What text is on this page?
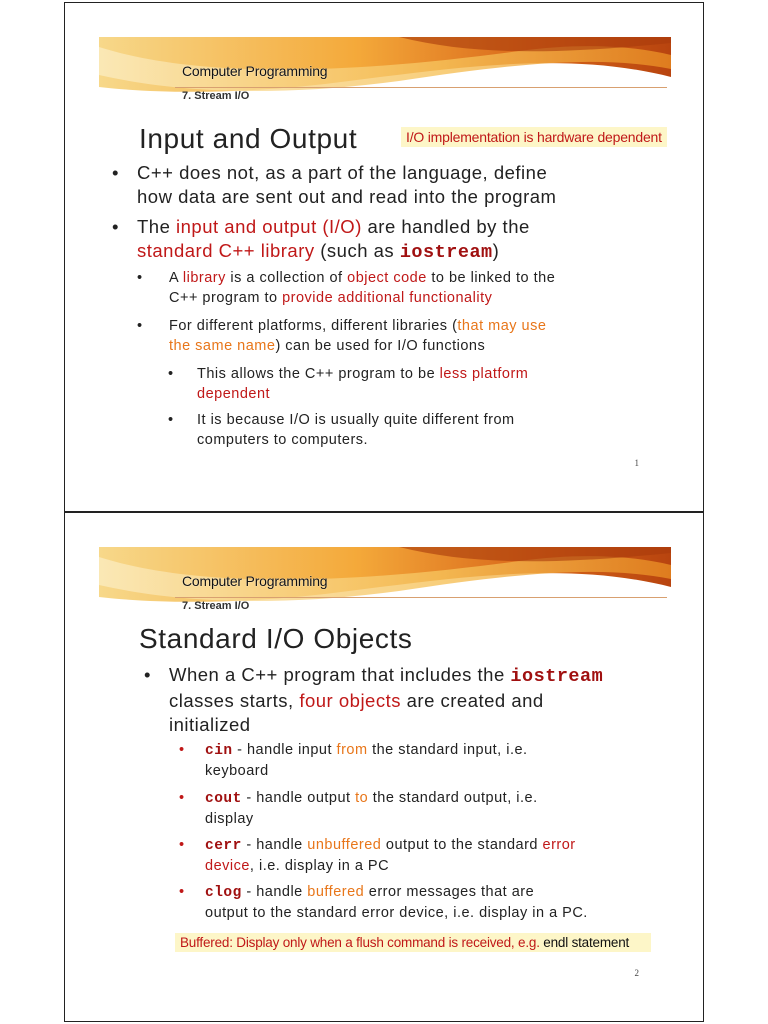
Computer Programming
7. Stream I/O
Input and Output	I/O implementation is hardware dependent
• C++ does not, as a part of the language, define
how data are sent out and read into the program
• The input and output (I/O) are handled by the
standard C++ library (such as iostream)
• A library is a collection of object code to be linked to the
C++ program to provide additional functionality
• For different platforms, different libraries (that may use
the same name) can be used for I/O functions
• This allows the C++ program to be less platform
dependent
• It is because I/O is usually quite different from
computers to computers.
1
Computer Programming
7. Stream I/O
Standard I/O Objects
• When a C++ program that includes the iostream
classes starts, four objects are created and
initialized
• cin - handle input from the standard input, i.e.
keyboard
• cout - handle output to the standard output, i.e.
display
• cerr - handle unbuffered output to the standard error
device, i.e. display in a PC
• clog - handle buffered error messages that are
output to the standard error device, i.e. display in a PC.
Buffered: Display only when a flush command is received, e.g. endl statement
2
